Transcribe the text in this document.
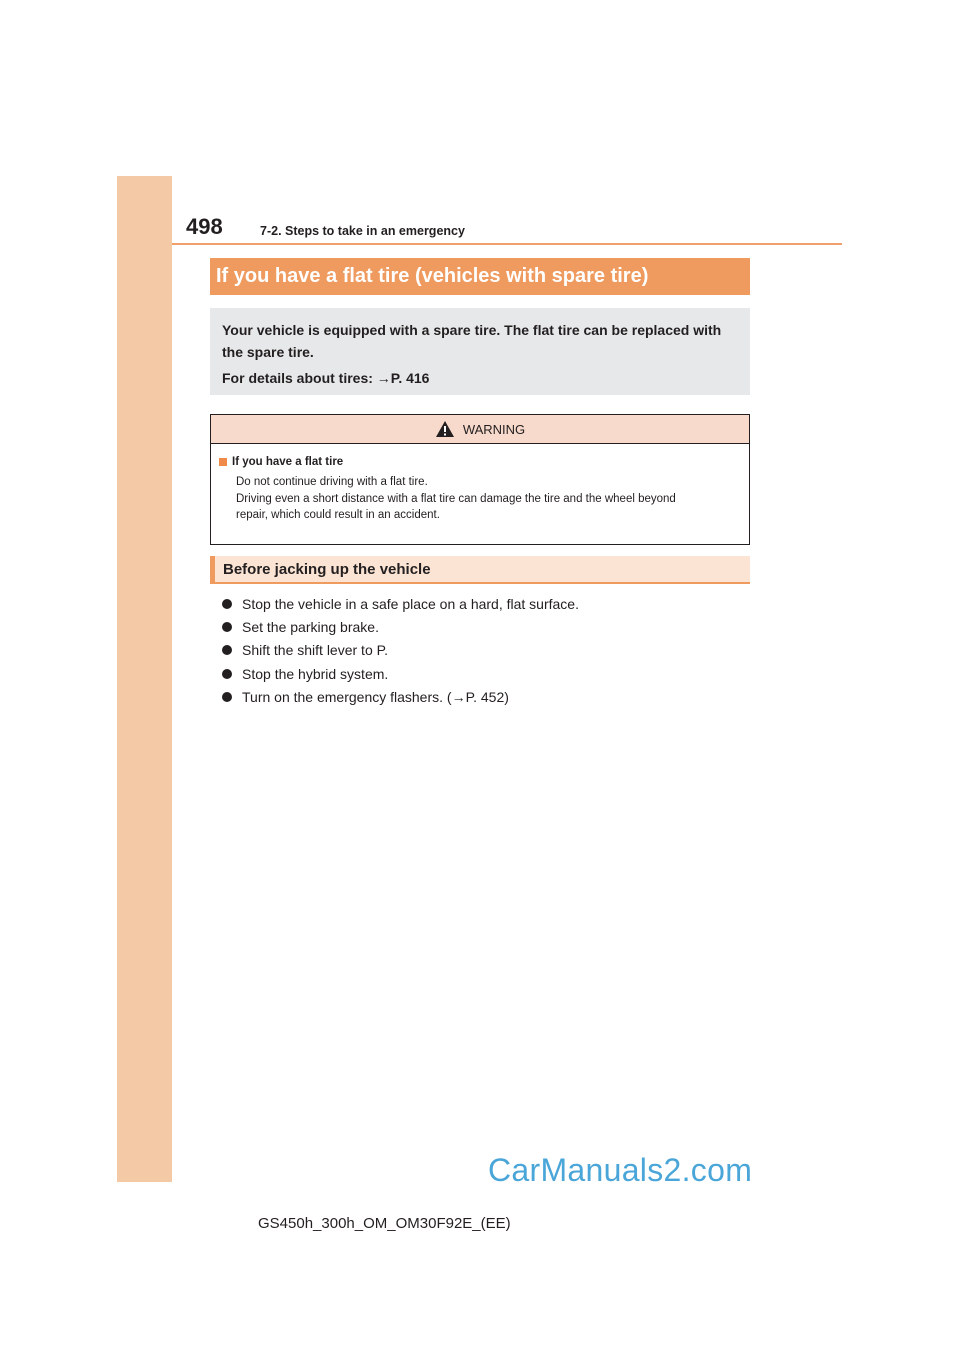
498	7-2. Steps to take in an emergency
If you have a flat tire (vehicles with spare tire)

Your vehicle is equipped with a spare tire. The flat tire can be replaced with the spare tire.

For details about tires: →P. 416

WARNING
If you have a flat tire
Do not continue driving with a flat tire.
Driving even a short distance with a flat tire can damage the tire and the wheel beyond
repair, which could result in an accident.
Before jacking up the vehicle
Stop the vehicle in a safe place on a hard, flat surface.
Set the parking brake.
Shift the shift lever to P.
Stop the hybrid system.
Turn on the emergency flashers. (→P. 452)
CarManuals2.com
GS450h_300h_OM_OM30F92E_(EE)
